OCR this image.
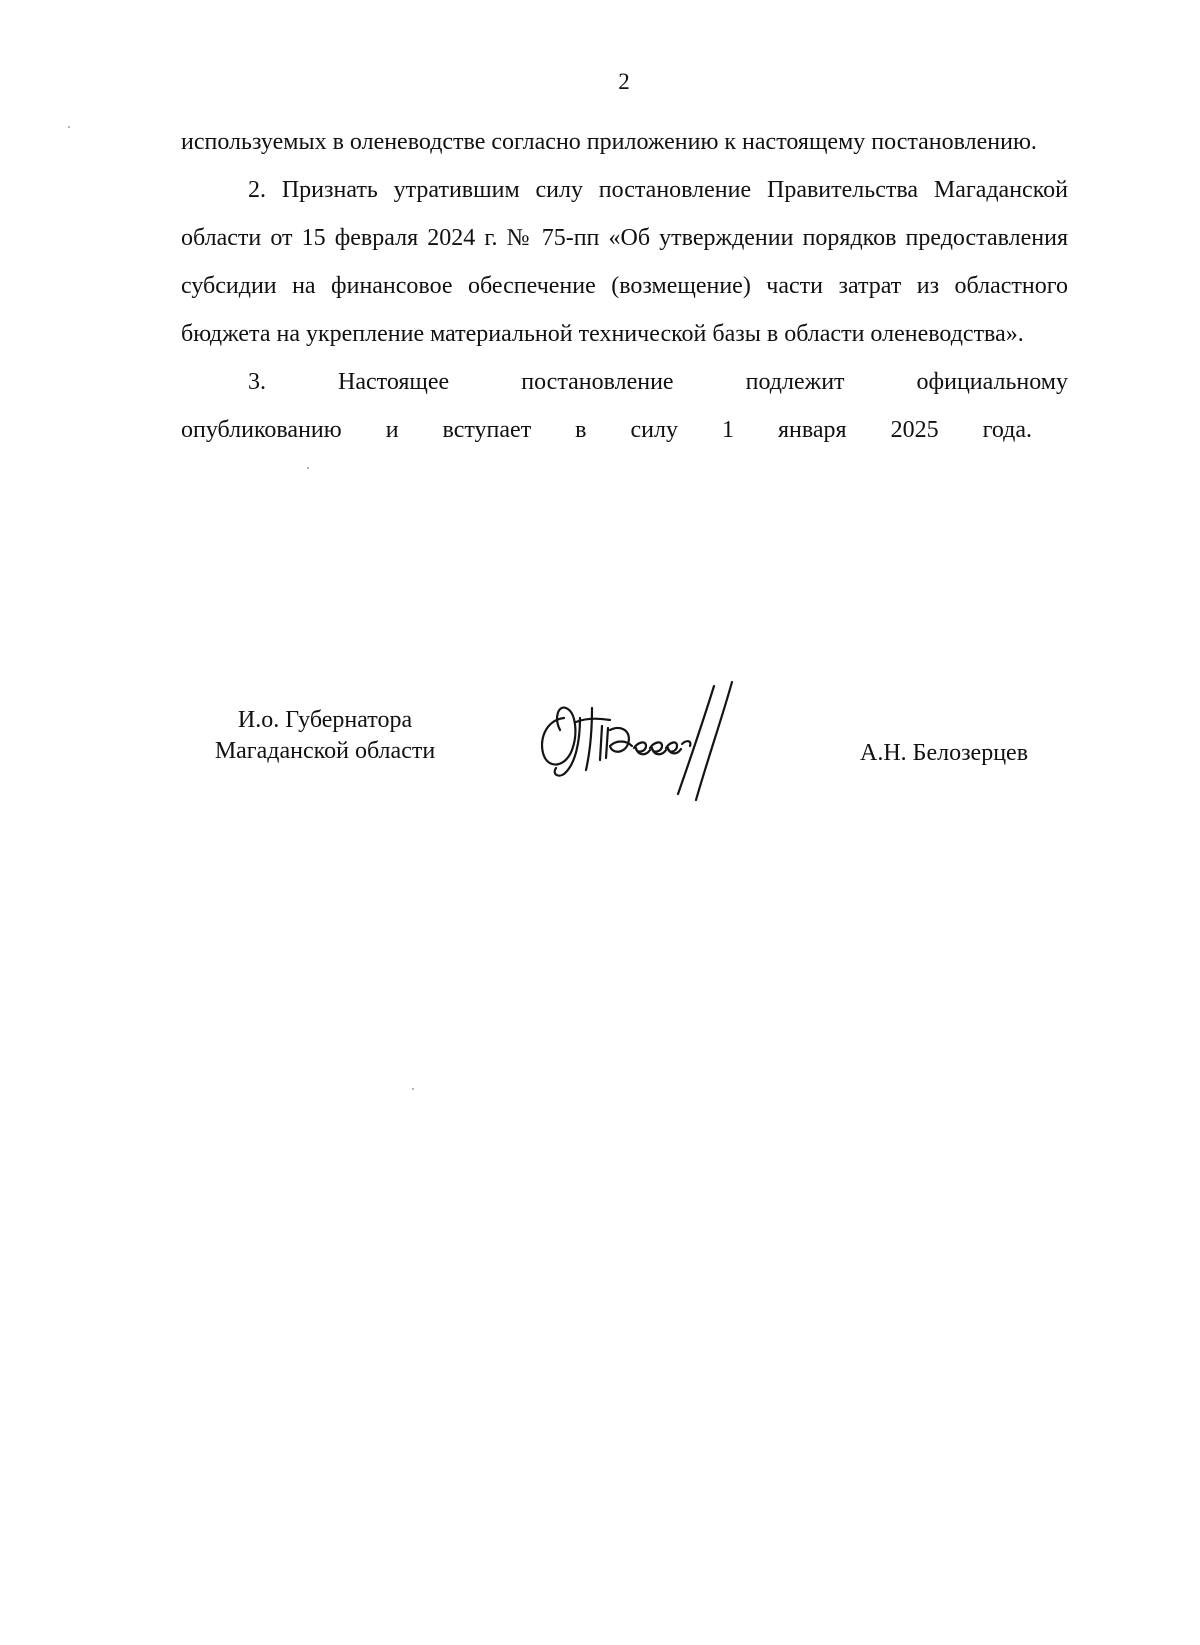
2

используемых в оленеводстве согласно приложению к настоящему постановлению.

2. Признать утратившим силу постановление Правительства Магаданской области от 15 февраля 2024 г. № 75-пп «Об утверждении порядков предоставления субсидии на финансовое обеспечение (возмещение) части затрат из областного бюджета на укрепление материальной технической базы в области оленеводства».

3. Настоящее постановление подлежит официальному опубликованию и вступает в силу 1 января 2025 года.

И.о. Губернатора
Магаданской области	А.Н. Белозерцев
